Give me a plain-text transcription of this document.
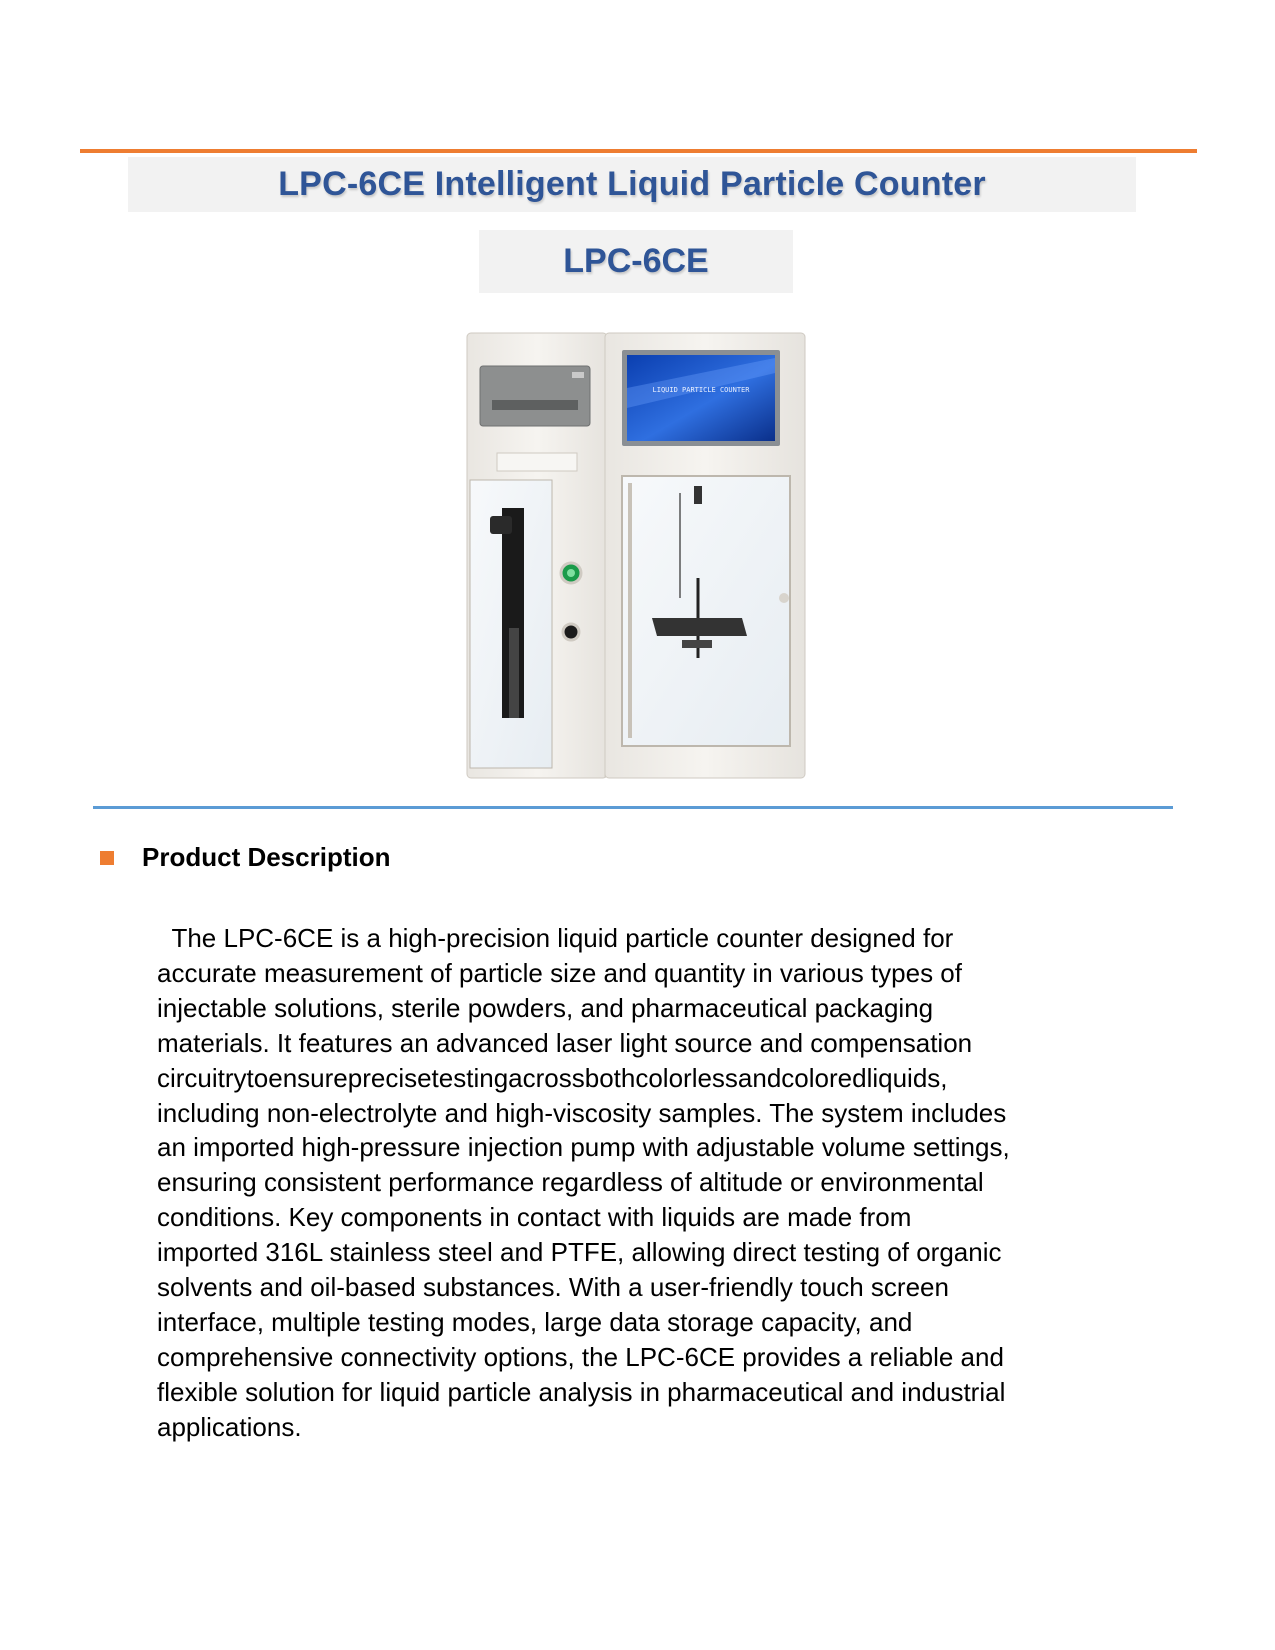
LPC-6CE Intelligent Liquid Particle Counter
LPC-6CE
LIQUID PARTICLE COUNTER
Product Description

The LPC-6CE is a high-precision liquid particle counter designed for
accurate measurement of particle size and quantity in various types of
injectable solutions, sterile powders, and pharmaceutical packaging
materials. It features an advanced laser light source and compensation
circuitrytoensureprecisetestingacrossbothcolorlessandcoloredliquids,
including non-electrolyte and high-viscosity samples. The system includes
an imported high-pressure injection pump with adjustable volume settings,
ensuring consistent performance regardless of altitude or environmental
conditions. Key components in contact with liquids are made from
imported 316L stainless steel and PTFE, allowing direct testing of organic
solvents and oil-based substances. With a user-friendly touch screen
interface, multiple testing modes, large data storage capacity, and
comprehensive connectivity options, the LPC-6CE provides a reliable and
flexible solution for liquid particle analysis in pharmaceutical and industrial
applications.
